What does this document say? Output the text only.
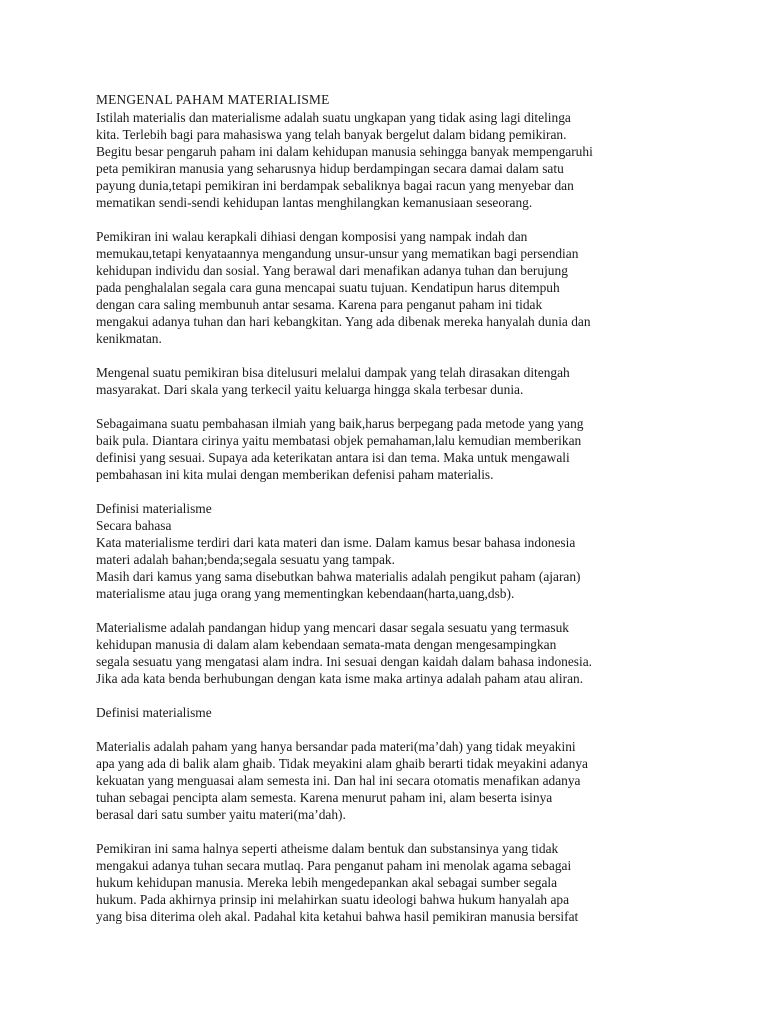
MENGENAL PAHAM MATERIALISME
Istilah materialis dan materialisme adalah suatu ungkapan yang tidak asing lagi ditelinga
kita. Terlebih bagi para mahasiswa yang telah banyak bergelut dalam bidang pemikiran.
Begitu besar pengaruh paham ini dalam kehidupan manusia sehingga banyak mempengaruhi
peta pemikiran manusia yang seharusnya hidup berdampingan secara damai dalam satu
payung dunia,tetapi pemikiran ini berdampak sebaliknya bagai racun yang menyebar dan
mematikan sendi-sendi kehidupan lantas menghilangkan kemanusiaan seseorang.
Pemikiran ini walau kerapkali dihiasi dengan komposisi yang nampak indah dan
memukau,tetapi kenyataannya mengandung unsur-unsur yang mematikan bagi persendian
kehidupan individu dan sosial. Yang berawal dari menafikan adanya tuhan dan berujung
pada penghalalan segala cara guna mencapai suatu tujuan. Kendatipun harus ditempuh
dengan cara saling membunuh antar sesama. Karena para penganut paham ini tidak
mengakui adanya tuhan dan hari kebangkitan. Yang ada dibenak mereka hanyalah dunia dan
kenikmatan.
Mengenal suatu pemikiran bisa ditelusuri melalui dampak yang telah dirasakan ditengah
masyarakat. Dari skala yang terkecil yaitu keluarga hingga skala terbesar dunia.
Sebagaimana suatu pembahasan ilmiah yang baik,harus berpegang pada metode yang yang
baik pula. Diantara cirinya yaitu membatasi objek pemahaman,lalu kemudian memberikan
definisi yang sesuai. Supaya ada keterikatan antara isi dan tema. Maka untuk mengawali
pembahasan ini kita mulai dengan memberikan defenisi paham materialis.
Definisi materialisme
Secara bahasa
Kata materialisme terdiri dari kata materi dan isme. Dalam kamus besar bahasa indonesia
materi adalah bahan;benda;segala sesuatu yang tampak.
Masih dari kamus yang sama disebutkan bahwa materialis adalah pengikut paham (ajaran)
materialisme atau juga orang yang mementingkan kebendaan(harta,uang,dsb).
Materialisme adalah pandangan hidup yang mencari dasar segala sesuatu yang termasuk
kehidupan manusia di dalam alam kebendaan semata-mata dengan mengesampingkan
segala sesuatu yang mengatasi alam indra. Ini sesuai dengan kaidah dalam bahasa indonesia.
Jika ada kata benda berhubungan dengan kata isme maka artinya adalah paham atau aliran.
Definisi materialisme
Materialis adalah paham yang hanya bersandar pada materi(ma’dah) yang tidak meyakini
apa yang ada di balik alam ghaib. Tidak meyakini alam ghaib berarti tidak meyakini adanya
kekuatan yang menguasai alam semesta ini. Dan hal ini secara otomatis menafikan adanya
tuhan sebagai pencipta alam semesta. Karena menurut paham ini, alam beserta isinya
berasal dari satu sumber yaitu materi(ma’dah).
Pemikiran ini sama halnya seperti atheisme dalam bentuk dan substansinya yang tidak
mengakui adanya tuhan secara mutlaq. Para penganut paham ini menolak agama sebagai
hukum kehidupan manusia. Mereka lebih mengedepankan akal sebagai sumber segala
hukum. Pada akhirnya prinsip ini melahirkan suatu ideologi bahwa hukum hanyalah apa
yang bisa diterima oleh akal. Padahal kita ketahui bahwa hasil pemikiran manusia bersifat
